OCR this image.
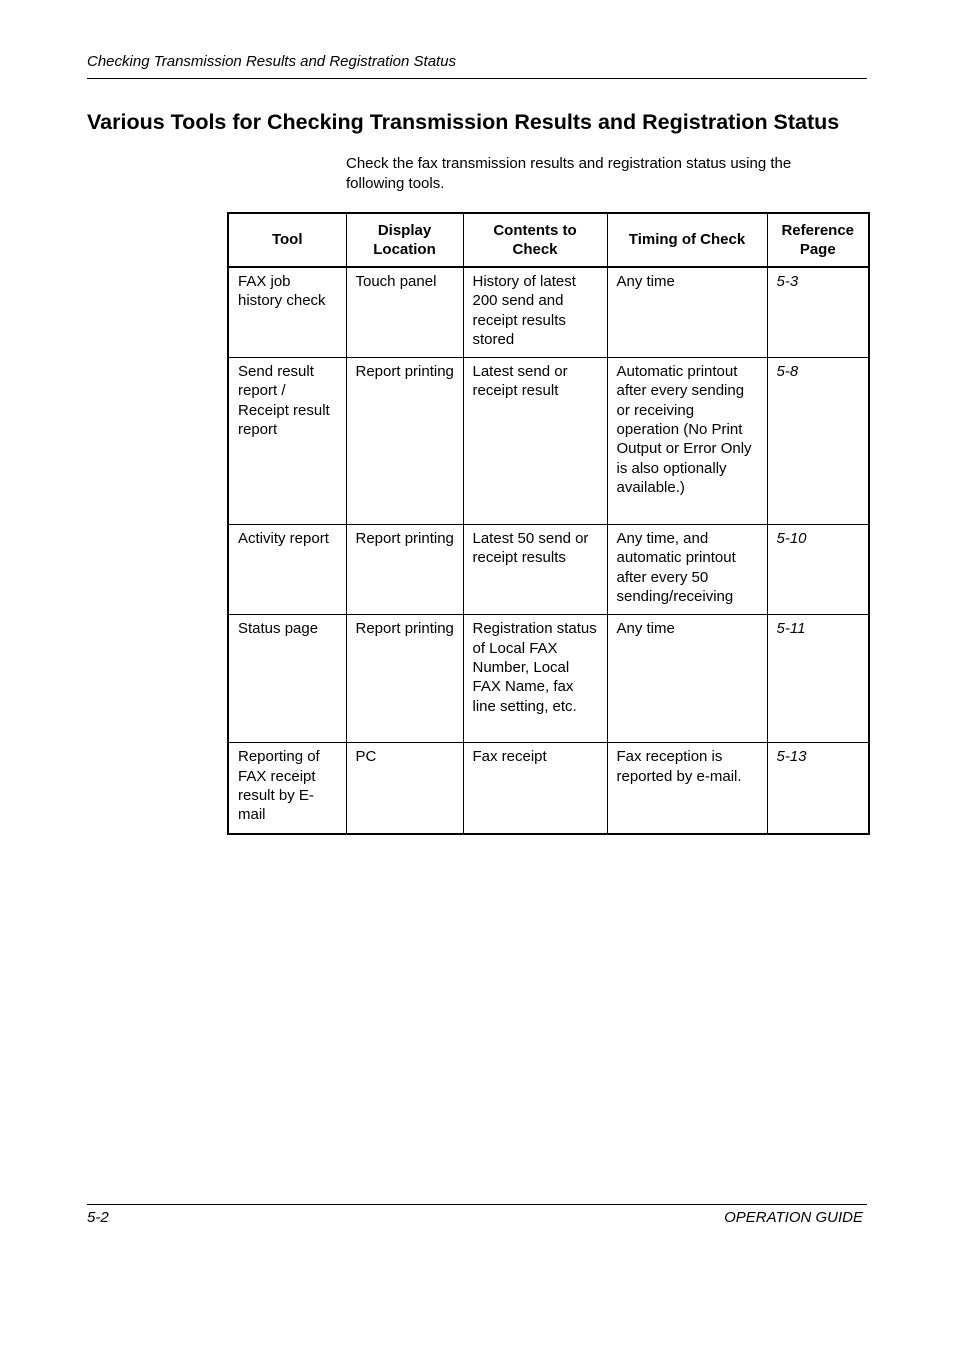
Checking Transmission Results and Registration Status
Various Tools for Checking Transmission Results and Registration Status
Check the fax transmission results and registration status using the following tools.
Tool	Display Location	Contents to Check	Timing of Check	Reference Page
FAX job history check	Touch panel	History of latest 200 send and receipt results stored	Any time	5-3
Send result report / Receipt result report	Report printing	Latest send or receipt result	Automatic printout after every sending or receiving operation (No Print Output or Error Only is also optionally available.)	5-8
Activity report	Report printing	Latest 50 send or receipt results	Any time, and automatic printout after every 50 sending/receiving	5-10
Status page	Report printing	Registration status of Local FAX Number, Local FAX Name, fax line setting, etc.	Any time	5-11
Reporting of FAX receipt result by E-mail	PC	Fax receipt	Fax reception is reported by e-mail.	5-13
5-2	OPERATION GUIDE
